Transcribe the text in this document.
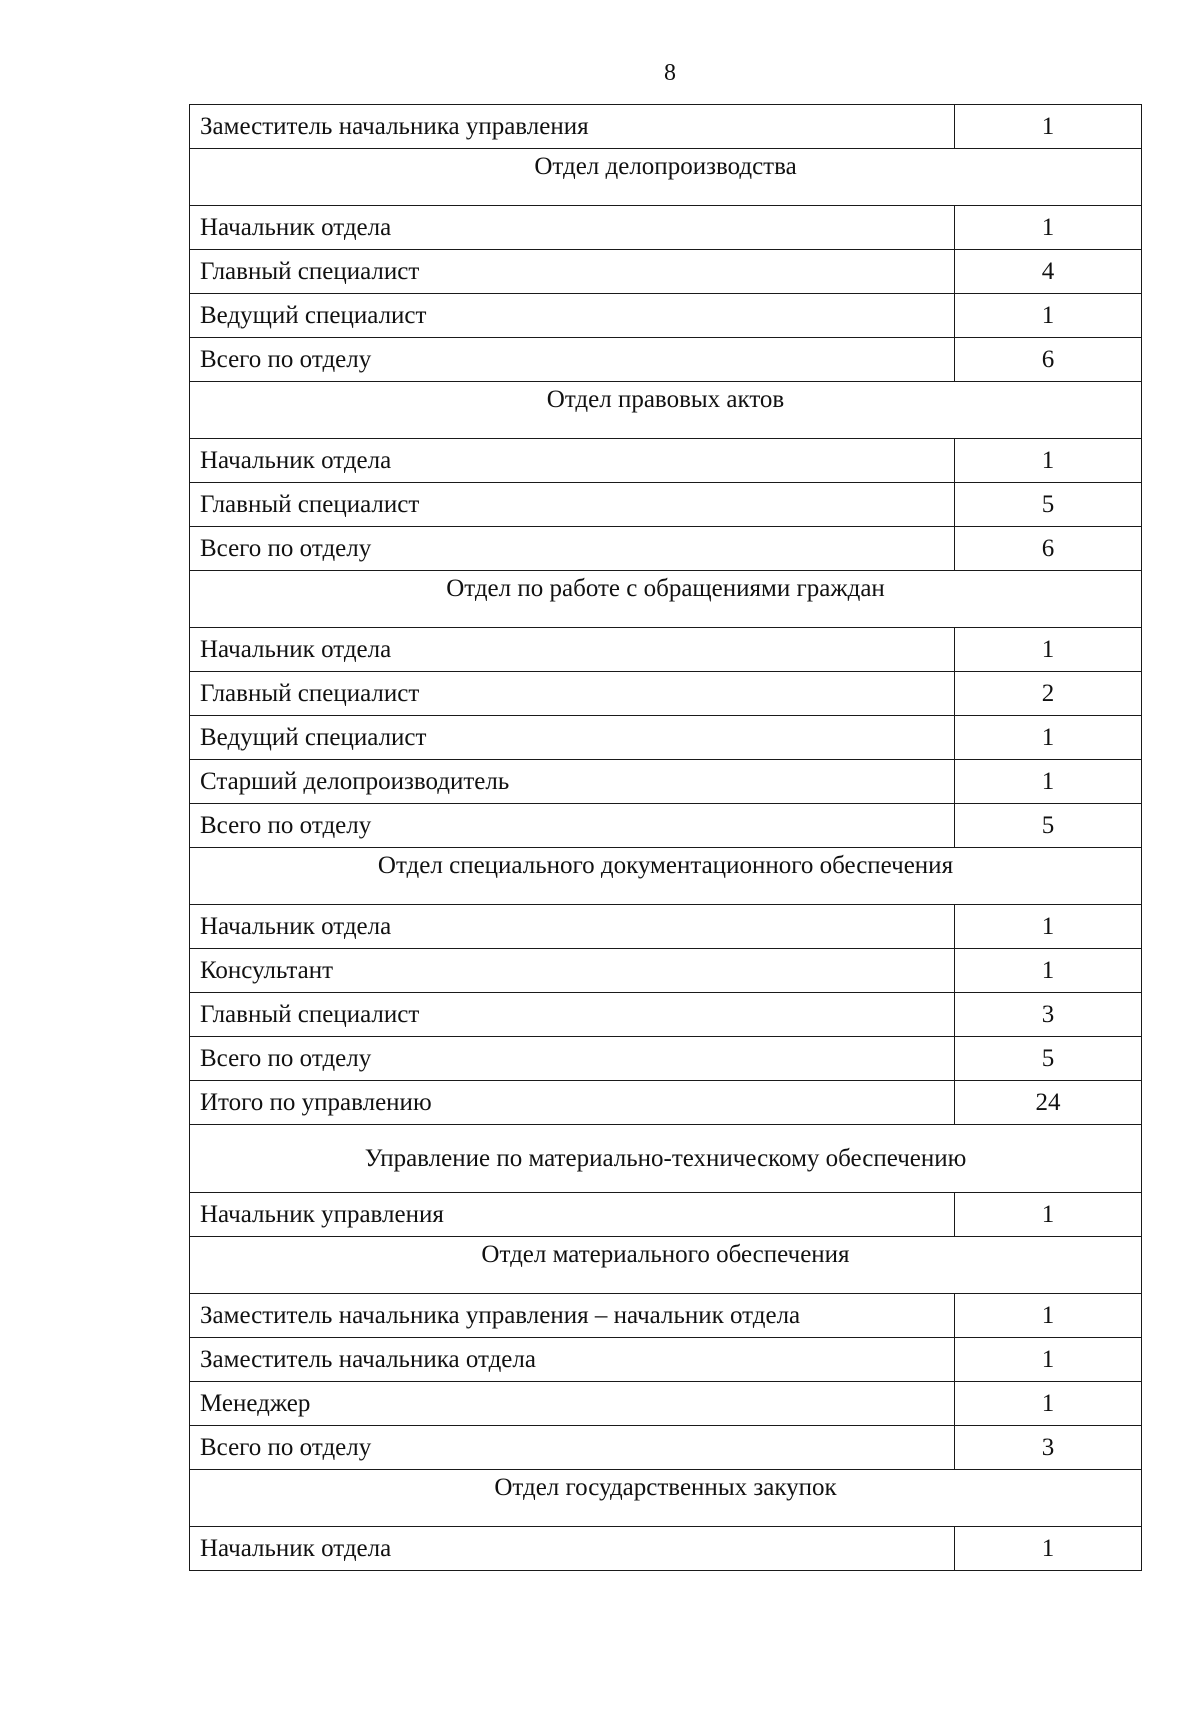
8
Заместитель начальника управления	1
Отдел делопроизводства	
Начальник отдела	1
Главный специалист	4
Ведущий специалист	1
Всего по отделу	6
Отдел правовых актов	
Начальник отдела	1
Главный специалист	5
Всего по отделу	6
Отдел по работе с обращениями граждан	
Начальник отдела	1
Главный специалист	2
Ведущий специалист	1
Старший делопроизводитель	1
Всего по отделу	5
Отдел специального документационного обеспечения	
Начальник отдела	1
Консультант	1
Главный специалист	3
Всего по отделу	5
Итого по управлению	24
Управление по материально-техническому обеспечению	
Начальник управления	1
Отдел материального обеспечения	
Заместитель начальника управления – начальник отдела	1
Заместитель начальника отдела	1
Менеджер	1
Всего по отделу	3
Отдел государственных закупок	
Начальник отдела	1
